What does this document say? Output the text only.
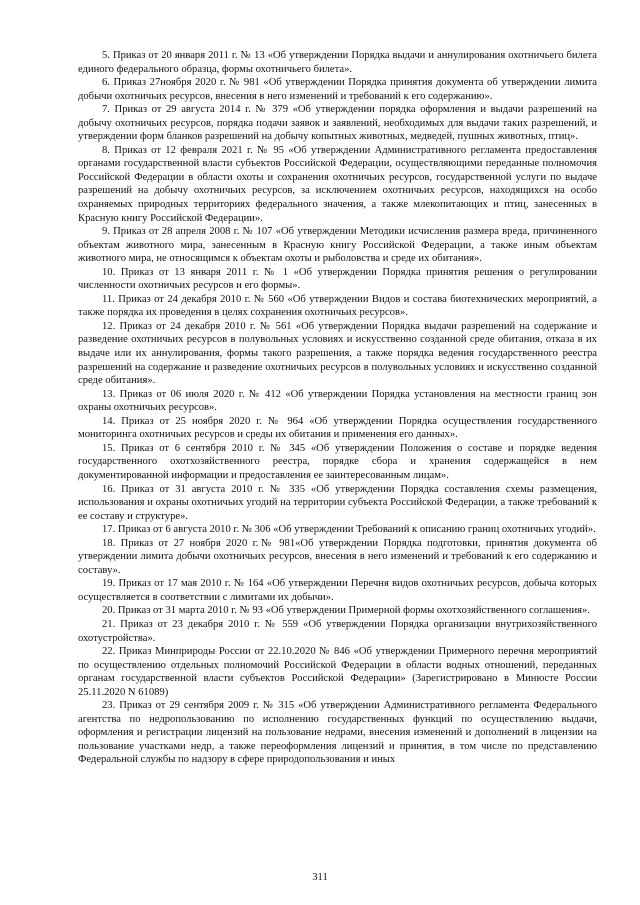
5. Приказ от 20 января 2011 г. № 13 «Об утверждении Порядка выдачи и аннулирования охотничьего билета единого федерального образца, формы охотничьего билета».

6. Приказ 27ноября 2020 г. № 981 «Об утверждении Порядка принятия документа об утверждении лимита добычи охотничьих ресурсов, внесения в него изменений и требований к его содержанию».

7. Приказ от 29 августа 2014 г. № 379 «Об утверждении порядка оформления и выдачи разрешений на добычу охотничьих ресурсов, порядка подачи заявок и заявлений, необходимых для выдачи таких разрешений, и утверждении форм бланков разрешений на добычу копытных животных, медведей, пушных животных, птиц».

8. Приказ от 12 февраля 2021 г. № 95 «Об утверждении Административного регламента предоставления органами государственной власти субъектов Российской Федерации, осуществляющими переданные полномочия Российской Федерации в области охоты и сохранения охотничьих ресурсов, государственной услуги по выдаче разрешений на добычу охотничьих ресурсов, за исключением охотничьих ресурсов, находящихся на особо охраняемых природных территориях федерального значения, а также млекопитающих и птиц, занесенных в Красную книгу Российской Федерации».

9. Приказ от 28 апреля 2008 г. № 107 «Об утверждении Методики исчисления размера вреда, причиненного объектам животного мира, занесенным в Красную книгу Российской Федерации, а также иным объектам животного мира, не относящимся к объектам охоты и рыболовства и среде их обитания».

10. Приказ от 13 января 2011 г. № 1 «Об утверждении Порядка принятия решения о регулировании численности охотничьих ресурсов и его формы».

11. Приказ от 24 декабря 2010 г. № 560 «Об утверждении Видов и состава биотехнических мероприятий, а также порядка их проведения в целях сохранения охотничьих ресурсов».

12. Приказ от 24 декабря 2010 г. № 561 «Об утверждении Порядка выдачи разрешений на содержание и разведение охотничьих ресурсов в полувольных условиях и искусственно созданной среде обитания, отказа в их выдаче или их аннулирования, формы такого разрешения, а также порядка ведения государственного реестра разрешений на содержание и разведение охотничьих ресурсов в полувольных условиях и искусственно созданной среде обитания».

13. Приказ от 06 июля 2020 г. № 412 «Об утверждении Порядка установления на местности границ зон охраны охотничьих ресурсов».

14. Приказ от 25 ноября 2020 г. № 964 «Об утверждении Порядка осуществления государственного мониторинга охотничьих ресурсов и среды их обитания и применения его данных».

15. Приказ от 6 сентября 2010 г. № 345 «Об утверждении Положения о составе и порядке ведения государственного охотхозяйственного реестра, порядке сбора и хранения содержащейся в нем документированной информации и предоставления ее заинтересованным лицам».

16. Приказ от 31 августа 2010 г. № 335 «Об утверждении Порядка составления схемы размещения, использования и охраны охотничьих угодий на территории субъекта Российской Федерации, а также требований к ее составу и структуре».

17. Приказ от 6 августа 2010 г. № 306 «Об утверждении Требований к описанию границ охотничьих угодий».

18. Приказ от 27 ноября 2020 г.№ 981«Об утверждении Порядка подготовки, принятия документа об утверждении лимита добычи охотничьих ресурсов, внесения в него изменений и требований к его содержанию и составу».

19. Приказ от 17 мая 2010 г. № 164 «Об утверждении Перечня видов охотничьих ресурсов, добыча которых осуществляется в соответствии с лимитами их добычи».

20. Приказ от 31 марта 2010 г. № 93 «Об утверждении Примерной формы охотхозяйственного соглашения».

21. Приказ от 23 декабря 2010 г. № 559 «Об утверждении Порядка организации внутрихозяйственного охотустройства».

22. Приказ Минприроды России от 22.10.2020 № 846 «Об утверждении Примерного перечня мероприятий по осуществлению отдельных полномочий Российской Федерации в области водных отношений, переданных органам государственной власти субъектов Российской Федерации» (Зарегистрировано в Минюсте России 25.11.2020 N 61089)

23. Приказ от 29 сентября 2009 г. № 315 «Об утверждении Административного регламента Федерального агентства по недропользованию по исполнению государственных функций по осуществлению выдачи, оформления и регистрации лицензий на пользование недрами, внесения изменений и дополнений в лицензии на пользование участками недр, а также переоформления лицензий и принятия, в том числе по представлению Федеральной службы по надзору в сфере природопользования и иных

311
